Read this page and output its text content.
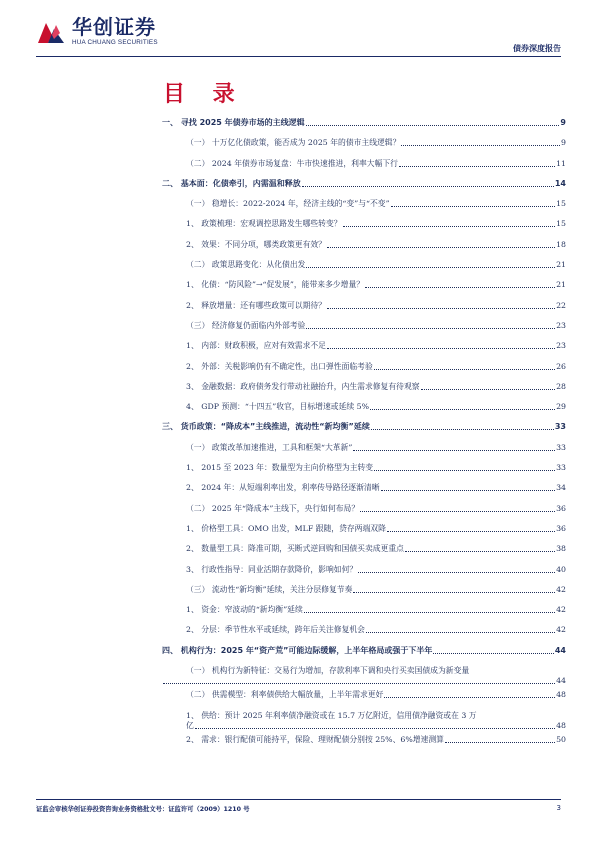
华创证券
HUA CHUANG SECURITIES
债券深度报告
目 录
一、 寻找 2025 年债券市场的主线逻辑	9
（一） 十万亿化债政策，能否成为 2025 年的债市主线逻辑？	9
（二） 2024 年债券市场复盘：牛市快速推进，利率大幅下行	11
二、 基本面：化债牵引，内需温和释放	14
（一） 稳增长：2022-2024 年，经济主线的“变”与“不变”	15
1、 政策梳理：宏观调控思路发生哪些转变？	15
2、 效果：不同分项，哪类政策更有效？	18
（二） 政策思路变化：从化债出发	21
1、 化债：“防风险”→“促发展”，能带来多少增量？	21
2、 释放增量：还有哪些政策可以期待？	22
（三） 经济修复仍面临内外部考验	23
1、 内部：财政积极，应对有效需求不足	23
2、 外部：关税影响仍有不确定性，出口弹性面临考验	26
3、 金融数据：政府债务发行带动社融抬升，内生需求修复有待观察	28
4、 GDP 预测：“十四五”收官，目标增速或延续 5%	29
三、 货币政策：“降成本”主线推进，流动性“新均衡”延续	33
（一） 政策改革加速推进，工具和框架“大革新”	33
1、 2015 至 2023 年：数量型为主向价格型为主转变	33
2、 2024 年：从短端利率出发，利率传导路径逐渐清晰	34
（二） 2025 年“降成本”主线下，央行如何布局？	36
1、 价格型工具：OMO 出发，MLF 跟随，贷存两端双降	36
2、 数量型工具：降准可期，买断式逆回购和国债买卖成更重点	38
3、 行政性指导：同业活期存款降价，影响如何？	40
（三） 流动性“新均衡”延续，关注分层修复节奏	42
1、 资金：窄波动的“新均衡”延续	42
2、 分层：季节性水平或延续，跨年后关注修复机会	42
四、 机构行为：2025 年“资产荒”可能边际缓解，上半年格局或强于下半年	44
（一） 机构行为新特征：交易行为增加，存款利率下调和央行买卖国债成为新变量
44
（二） 供需模型：利率债供给大幅放量，上半年需求更好	48
1、 供给：预计 2025 年利率债净融资或在 15.7 万亿附近，信用债净融资或在 3 万
亿	48
2、 需求：银行配债可能持平，保险、理财配债分别按 25%、6%增速测算	50
证监会审核华创证券投资咨询业务资格批文号：证监许可（2009）1210 号	3
